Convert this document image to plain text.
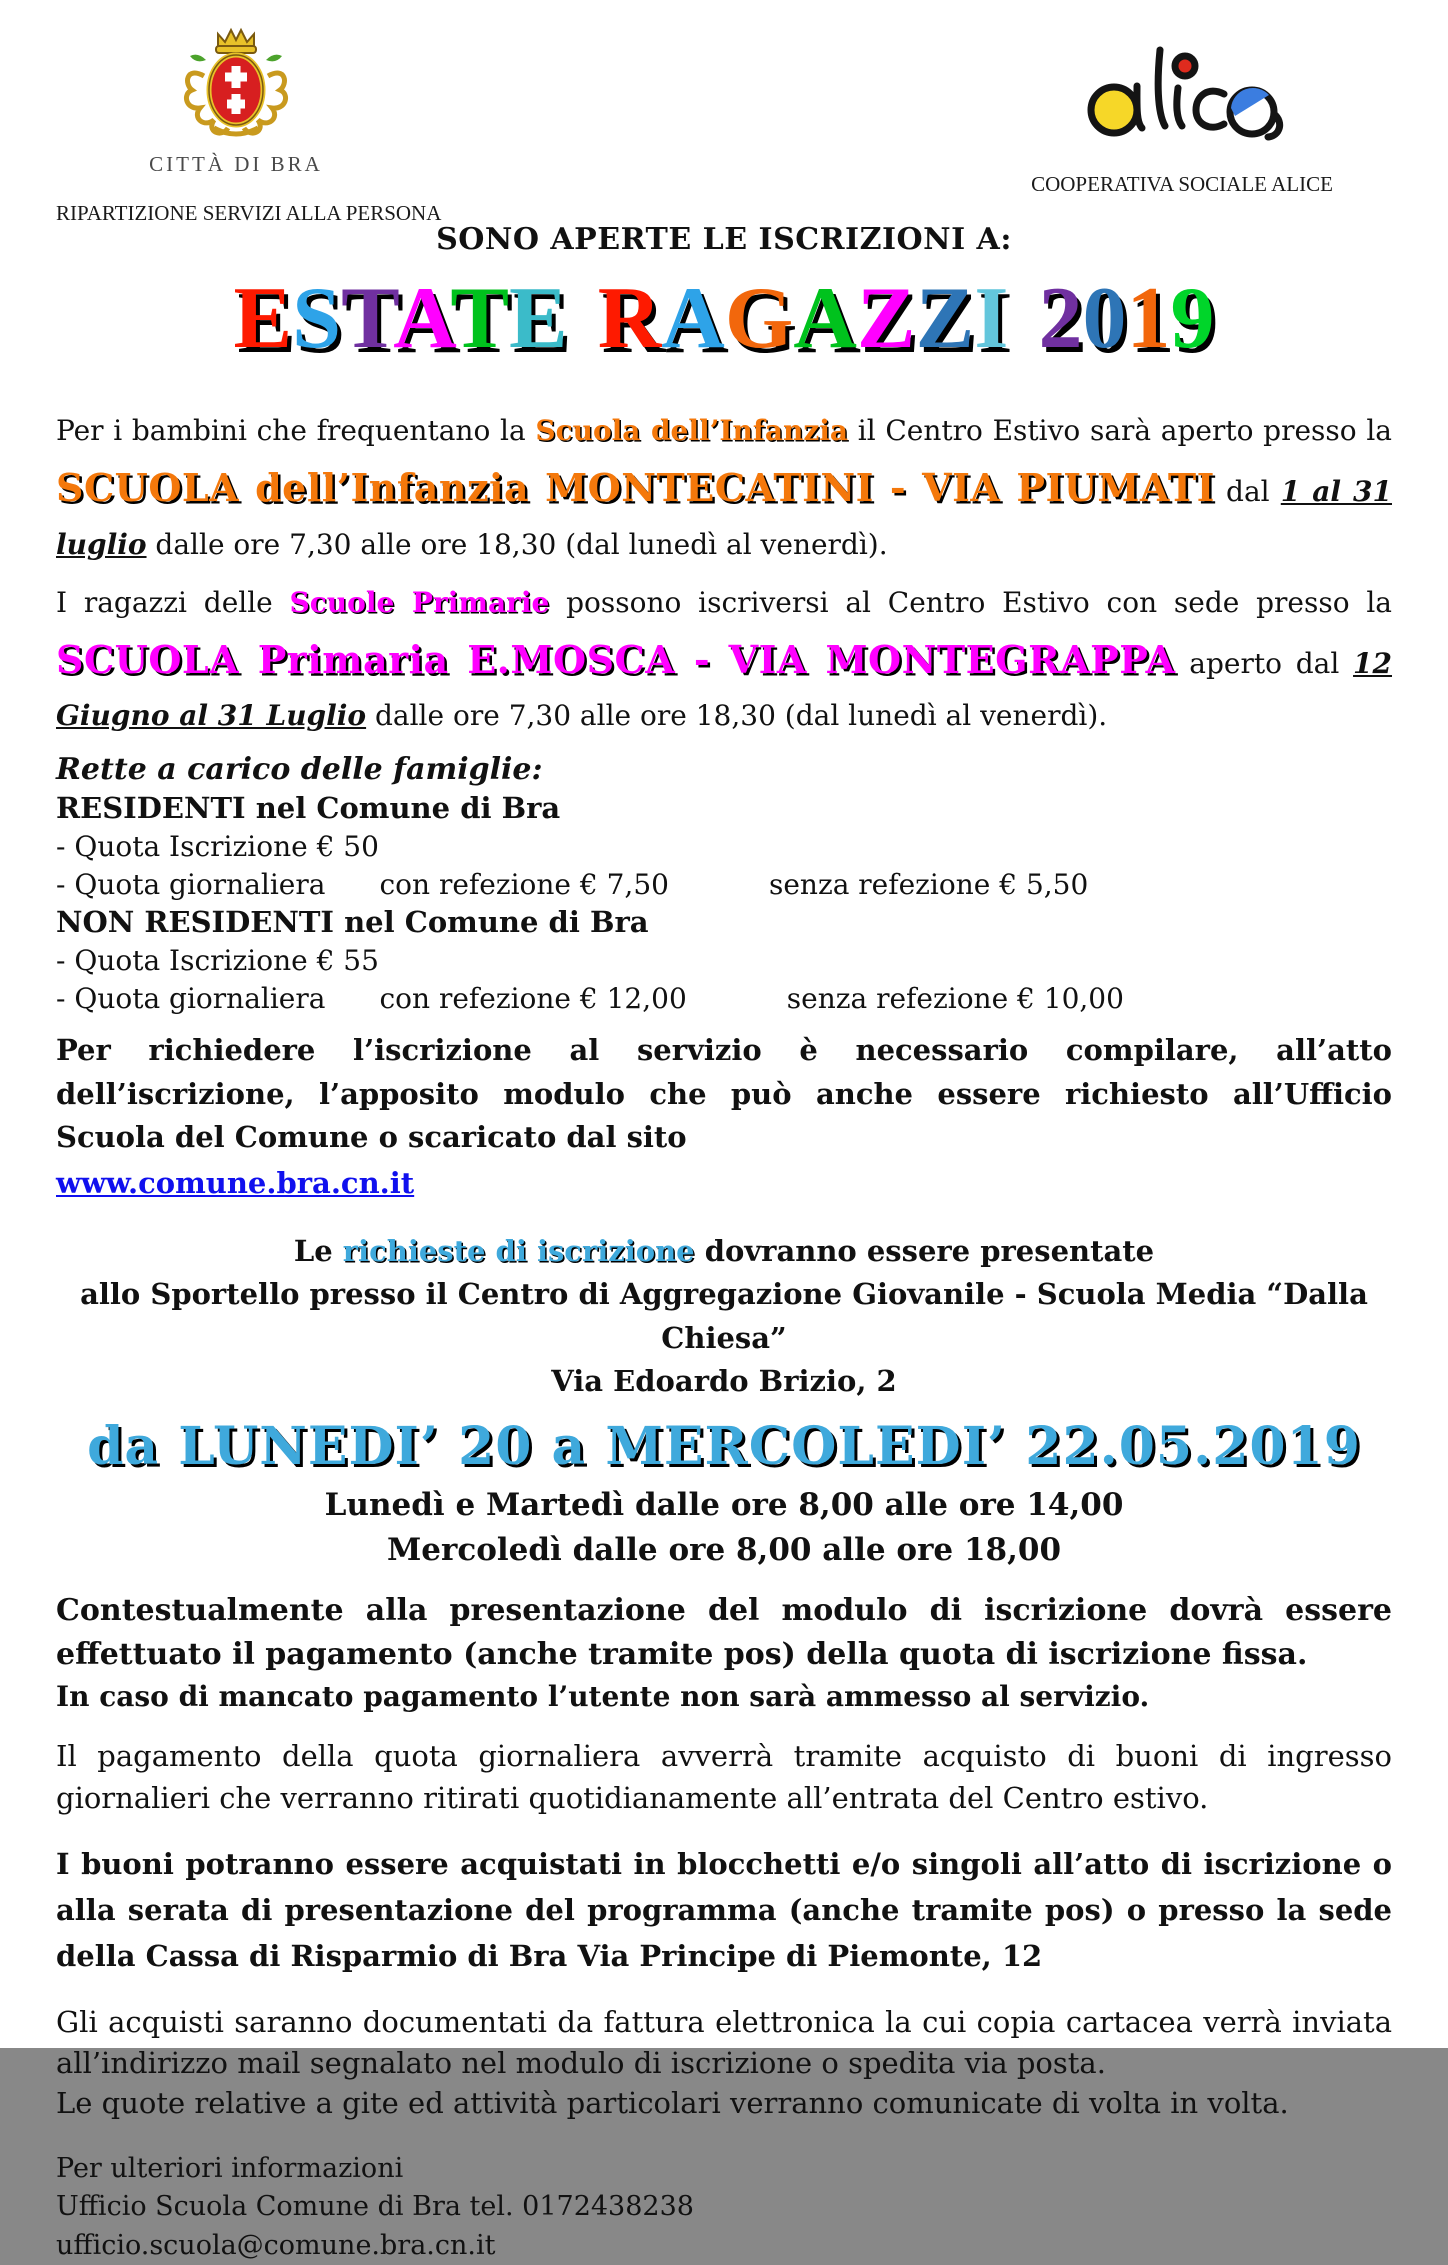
CITTÀ DI BRA
RIPARTIZIONE SERVIZI ALLA PERSONA
COOPERATIVA SOCIALE ALICE
SONO APERTE LE ISCRIZIONI A:
ESTATE RAGAZZI 2019

Per i bambini che frequentano la Scuola dell’Infanzia il Centro Estivo sarà aperto presso la SCUOLA dell’Infanzia MONTECATINI - VIA PIUMATI dal 1 al 31 luglio dalle ore 7,30 alle ore 18,30 (dal lunedì al venerdì).

I ragazzi delle Scuole Primarie possono iscriversi al Centro Estivo con sede presso la SCUOLA Primaria E.MOSCA - VIA MONTEGRAPPA aperto dal 12 Giugno al 31 Luglio dalle ore 7,30 alle ore 18,30 (dal lunedì al venerdì).

Rette a carico delle famiglie:
RESIDENTI nel Comune di Bra
- Quota Iscrizione € 50
- Quota giornaliera con refezione € 7,50	senza refezione € 5,50
NON RESIDENTI nel Comune di Bra
- Quota Iscrizione € 55
- Quota giornaliera con refezione € 12,00	senza refezione € 10,00

Per richiedere l’iscrizione al servizio è necessario compilare, all’atto dell’iscrizione, l’apposito modulo che può anche essere richiesto all’Ufficio Scuola del Comune o scaricato dal sito

www.comune.bra.cn.it
Le richieste di iscrizione dovranno essere presentate
allo Sportello presso il Centro di Aggregazione Giovanile - Scuola Media “Dalla Chiesa”
Via Edoardo Brizio, 2
da LUNEDI’ 20 a MERCOLEDI’ 22.05.2019
Lunedì e Martedì dalle ore 8,00 alle ore 14,00
Mercoledì dalle ore 8,00 alle ore 18,00

Contestualmente alla presentazione del modulo di iscrizione dovrà essere effettuato il pagamento (anche tramite pos) della quota di iscrizione fissa.

In caso di mancato pagamento l’utente non sarà ammesso al servizio.

Il pagamento della quota giornaliera avverrà tramite acquisto di buoni di ingresso giornalieri che verranno ritirati quotidianamente all’entrata del Centro estivo.

I buoni potranno essere acquistati in blocchetti e/o singoli all’atto di iscrizione o alla serata di presentazione del programma (anche tramite pos) o presso la sede della Cassa di Risparmio di Bra Via Principe di Piemonte, 12

Gli acquisti saranno documentati da fattura elettronica la cui copia cartacea verrà inviata all’indirizzo mail segnalato nel modulo di iscrizione o spedita via posta.

Le quote relative a gite ed attività particolari verranno comunicate di volta in volta.

Per ulteriori informazioni
Ufficio Scuola Comune di Bra tel. 0172438238
ufficio.scuola@comune.bra.cn.it
